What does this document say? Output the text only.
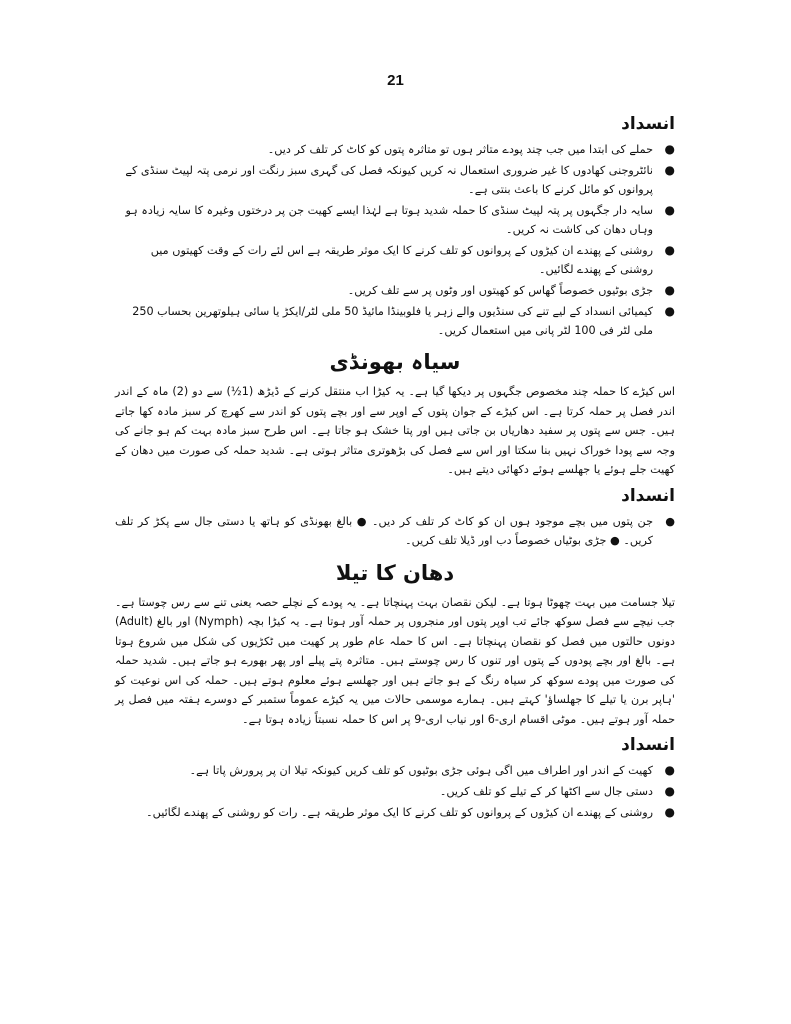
21
انسداد
●
حملے کی ابتدا میں جب چند پودے متاثر ہوں تو متاثرہ پتوں کو کاٹ کر تلف کر دیں۔
●
نائٹروجنی کھادوں کا غیر ضروری استعمال نہ کریں کیونکہ فصل کی گہری سبز رنگت اور نرمی پتہ لپیٹ سنڈی کے پروانوں کو مائل کرنے کا باعث بنتی ہے۔
●
سایہ دار جگہوں پر پتہ لپیٹ سنڈی کا حملہ شدید ہوتا ہے لہٰذا ایسے کھیت جن پر درختوں وغیرہ کا سایہ زیادہ ہو وہاں دھان کی کاشت نہ کریں۔
●
روشنی کے پھندے ان کیڑوں کے پروانوں کو تلف کرنے کا ایک موثر طریقہ ہے اس لئے رات کے وقت کھیتوں میں روشنی کے پھندے لگائیں۔
●
جڑی بوٹیوں خصوصاً گھاس کو کھیتوں اور وٹوں پر سے تلف کریں۔
●
کیمیائی انسداد کے لیے تنے کی سنڈیوں والے زہر یا فلوبینڈا مائیڈ 50 ملی لٹر/ایکڑ یا سائی ہیلوتھرین بحساب 250 ملی لٹر فی 100 لٹر پانی میں استعمال کریں۔
سیاہ بھونڈی

اس کیڑے کا حملہ چند مخصوص جگہوں پر دیکھا گیا ہے۔ یہ کیڑا اب منتقل کرنے کے ڈیڑھ (1½) سے دو (2) ماہ کے اندر اندر فصل پر حملہ کرتا ہے۔ اس کیڑے کے جوان پتوں کے اوپر سے اور بچے پتوں کو اندر سے کھرچ کر سبز مادہ کھا جاتے ہیں۔ جس سے پتوں پر سفید دھاریاں بن جاتی ہیں اور پتا خشک ہو جاتا ہے۔ اس طرح سبز مادہ بہت کم ہو جانے کی وجہ سے پودا خوراک نہیں بنا سکتا اور اس سے فصل کی بڑھوتری متاثر ہوتی ہے۔ شدید حملہ کی صورت میں دھان کے کھیت جلے ہوئے یا جھلسے ہوئے دکھائی دیتے ہیں۔

انسداد

●
جن پتوں میں بچے موجود ہوں ان کو کاٹ کر تلف کر دیں۔ ● بالغ بھونڈی کو ہاتھ یا دستی جال سے پکڑ کر تلف کریں۔ ● جڑی بوٹیاں خصوصاً دب اور ڈیلا تلف کریں۔

دھان کا تیلا

تیلا جسامت میں بہت چھوٹا ہوتا ہے۔ لیکن نقصان بہت پہنچاتا ہے۔ یہ پودے کے نچلے حصہ یعنی تنے سے رس چوستا ہے۔ جب نیچے سے فصل سوکھ جائے تب اوپر پتوں اور منجروں پر حملہ آور ہوتا ہے۔ یہ کیڑا بچہ (Nymph) اور بالغ (Adult) دونوں حالتوں میں فصل کو نقصان پہنچاتا ہے۔ اس کا حملہ عام طور پر کھیت میں ٹکڑیوں کی شکل میں شروع ہوتا ہے۔ بالغ اور بچے پودوں کے پتوں اور تنوں کا رس چوستے ہیں۔ متاثرہ پتے پیلے اور پھر بھورے ہو جاتے ہیں۔ شدید حملہ کی صورت میں پودے سوکھ کر سیاہ رنگ کے ہو جاتے ہیں اور جھلسے ہوئے معلوم ہوتے ہیں۔ حملہ کی اس نوعیت کو 'ہاپر برن یا تیلے کا جھلساؤ' کہتے ہیں۔ ہمارے موسمی حالات میں یہ کیڑے عموماً ستمبر کے دوسرے ہفتہ میں فصل پر حملہ آور ہوتے ہیں۔ موٹی اقسام اری-6 اور نیاب اری-9 پر اس کا حملہ نسبتاً زیادہ ہوتا ہے۔

انسداد
●
کھیت کے اندر اور اطراف میں اگی ہوئی جڑی بوٹیوں کو تلف کریں کیونکہ تیلا ان پر پرورش پاتا ہے۔
●
دستی جال سے اکٹھا کر کے تیلے کو تلف کریں۔
●
روشنی کے پھندے ان کیڑوں کے پروانوں کو تلف کرنے کا ایک موثر طریقہ ہے۔ رات کو روشنی کے پھندے لگائیں۔
